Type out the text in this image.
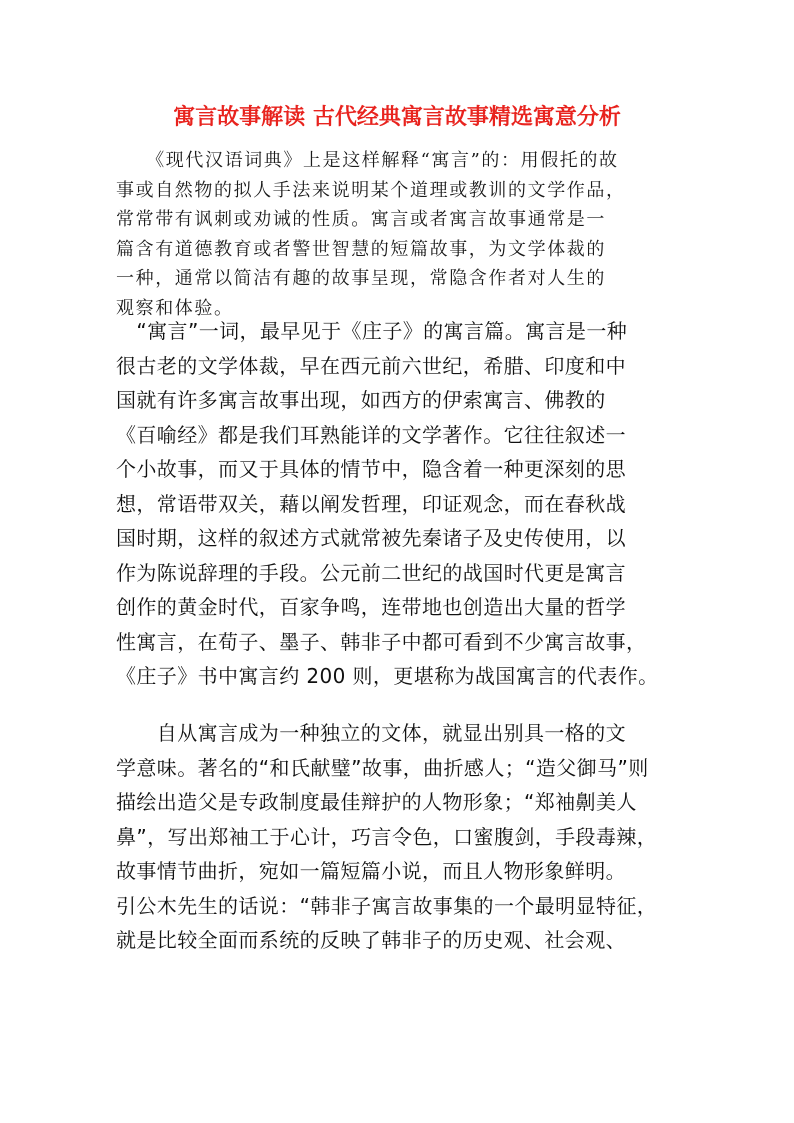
寓言故事解读 古代经典寓言故事精选寓意分析
　　《现代汉语词典》上是这样解释“寓言”的：用假托的故
事或自然物的拟人手法来说明某个道理或教训的文学作品，
常常带有讽刺或劝诫的性质。寓言或者寓言故事通常是一
篇含有道德教育或者警世智慧的短篇故事，为文学体裁的
一种，通常以简洁有趣的故事呈现，常隐含作者对人生的
观察和体验。
　“寓言”一词，最早见于《庄子》的寓言篇。寓言是一种
很古老的文学体裁，早在西元前六世纪，希腊、印度和中
国就有许多寓言故事出现，如西方的伊索寓言、佛教的
《百喻经》都是我们耳熟能详的文学著作。它往往叙述一
个小故事，而又于具体的情节中，隐含着一种更深刻的思
想，常语带双关，藉以阐发哲理，印证观念，而在春秋战
国时期，这样的叙述方式就常被先秦诸子及史传使用，以
作为陈说辞理的手段。公元前二世纪的战国时代更是寓言
创作的黄金时代，百家争鸣，连带地也创造出大量的哲学
性寓言，在荀子、墨子、韩非子中都可看到不少寓言故事，
《庄子》书中寓言约 200 则，更堪称为战国寓言的代表作。
　　自从寓言成为一种独立的文体，就显出别具一格的文
学意味。著名的“和氏献璧”故事，曲折感人；“造父御马”则
描绘出造父是专政制度最佳辩护的人物形象；“郑袖劓美人
鼻”，写出郑袖工于心计，巧言令色，口蜜腹剑，手段毒辣，
故事情节曲折，宛如一篇短篇小说，而且人物形象鲜明。
引公木先生的话说：“韩非子寓言故事集的一个最明显特征，
就是比较全面而系统的反映了韩非子的历史观、社会观、
